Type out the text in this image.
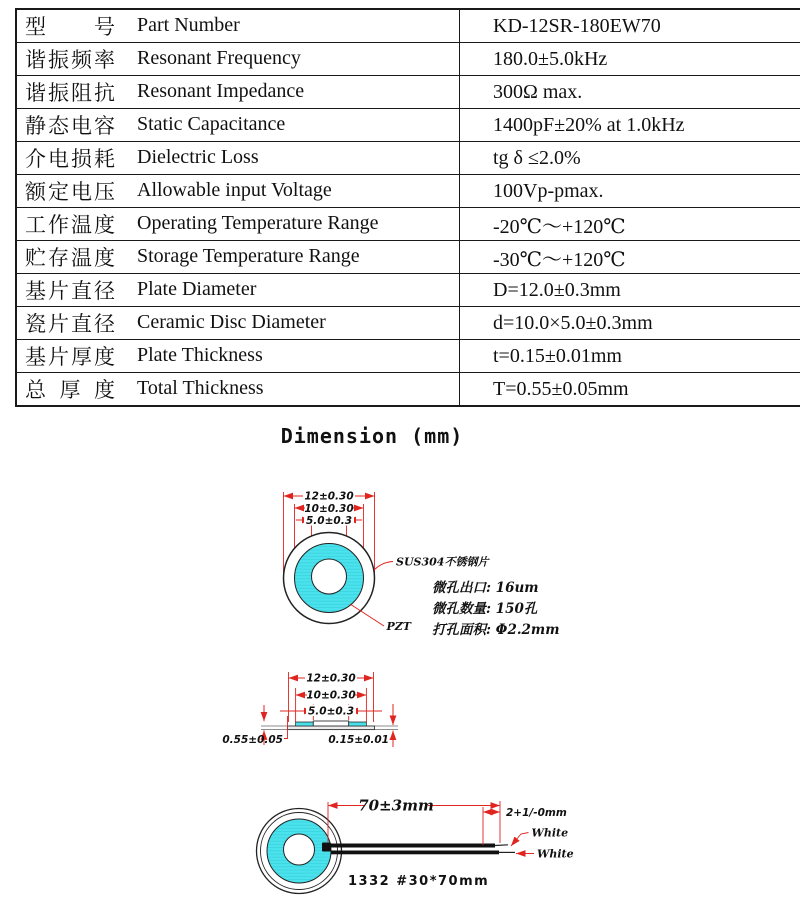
型号 Part Number	KD-12SR-180EW70
谐振频率 Resonant Frequency	180.0±5.0kHz
谐振阻抗 Resonant Impedance	300Ω max.
静态电容 Static Capacitance	1400pF±20% at 1.0kHz
介电损耗 Dielectric Loss	tg δ ≤2.0%
额定电压 Allowable input Voltage	100Vp-pmax.
工作温度 Operating Temperature Range	-20℃～+120℃
贮存温度 Storage Temperature Range	-30℃～+120℃
基片直径 Plate Diameter	D=12.0±0.3mm
瓷片直径 Ceramic Disc Diameter	d=10.0×5.0±0.3mm
基片厚度 Plate Thickness	t=0.15±0.01mm
总厚度 Total Thickness	T=0.55±0.05mm
Dimension (mm)
12±0.30
10±0.30
5.0±0.3
SUS304不锈钢片
PZT
微孔出口: 16um
微孔数量: 150孔
打孔面积: Φ2.2mm
12±0.30
10±0.30
5.0±0.3
0.55±0.05	0.15±0.01
70±3mm	2+1/-0mm
White
White
1332 #30*70mm
